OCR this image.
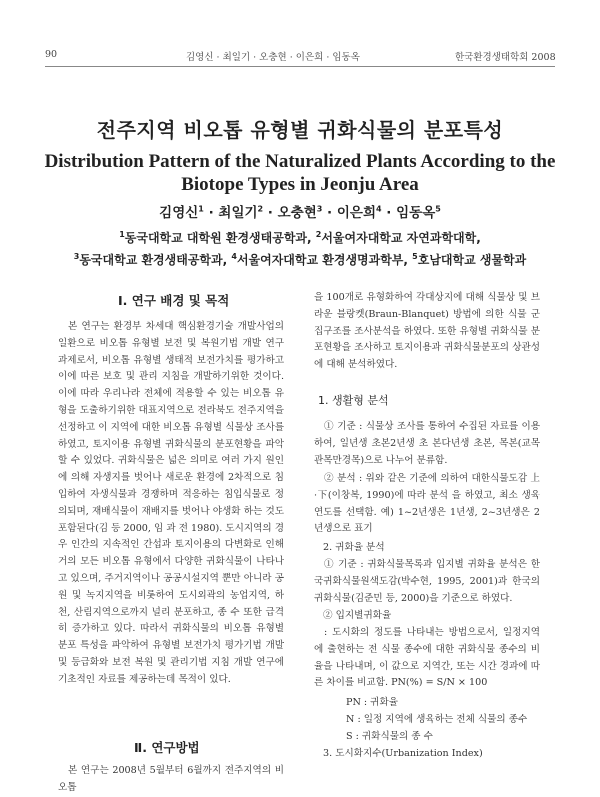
90	김영신 · 최일기 · 오충현 · 이은희 · 임동옥	한국환경생태학회 2008
전주지역 비오톱 유형별 귀화식물의 분포특성
Distribution Pattern of the Naturalized Plants According to the
Biotope Types in Jeonju Area
김영신$^1$ · 최일기$^2$ · 오충현$^3$ · 이은희$^4$ · 임동옥$^5$
$^1$동국대학교 대학원 환경생태공학과, $^2$서울여자대학교 자연과학대학,
$^3$동국대학교 환경생태공학과, $^4$서울여자대학교 환경생명과학부, $^5$호남대학교 생물학과
Ⅰ. 연구 배경 및 목적

본 연구는 환경부 차세대 핵심환경기술 개발사업의 일환으로 비오톱 유형별 보전 및 복원기법 개발 연구 과제로서, 비오톱 유형별 생태적 보전가치를 평가하고 이에 따른 보호 및 관리 지침을 개발하기위한 것이다. 이에 따라 우리나라 전체에 적용할 수 있는 비오톱 유형을 도출하기위한 대표지역으로 전라북도 전주지역을 선정하고 이 지역에 대한 비오톱 유형별 식물상 조사를 하였고, 토지이용 유형별 귀화식물의 분포현황을 파악할 수 있었다. 귀화식물은 넓은 의미로 여러 가지 원인에 의해 자생지를 벗어나 새로운 환경에 2차적으로 침입하여 자생식물과 경쟁하며 적응하는 침입식물로 정의되며, 재배식물이 재배지를 벗어나 야생화 하는 것도 포함된다(김 등 2000, 임 과 전 1980). 도시지역의 경우 인간의 지속적인 간섭과 토지이용의 다변화로 인해 거의 모든 비오톱 유형에서 다양한 귀화식물이 나타나고 있으며, 주거지역이나 공공시설지역 뿐만 아니라 공원 및 녹지지역을 비롯하여 도시외곽의 농업지역, 하천, 산림지역으로까지 널리 분포하고, 종 수 또한 급격히 증가하고 있다. 따라서 귀화식물의 비오톱 유형별 분포 특성을 파악하여 유형별 보전가치 평가기법 개발 및 등급화와 보전 복원 및 관리기법 지침 개발 연구에 기초적인 자료를 제공하는데 목적이 있다.

Ⅱ. 연구방법

본 연구는 2008년 5월부터 6월까지 전주지역의 비오톱

을 100개로 유형화하여 각대상지에 대해 식물상 및 브라운 블랑켓(Braun-Blanquet) 방법에 의한 식물 군집구조를 조사분석을 하였다. 또한 유형별 귀화식물 분포현황을 조사하고 토지이용과 귀화식물분포의 상관성에 대해 분석하였다.

1. 생활형 분석

① 기준 : 식물상 조사를 통하여 수집된 자료를 이용하여, 일년생 초본2년생 초 본다년생 초본, 목본(교목관목만경목)으로 나누어 분류함.

② 분석 : 위와 같은 기준에 의하여 대한식물도감 上·下(이창복, 1990)에 따라 분석 을 하였고, 최소 생육연도를 선택함. 예) 1~2년생은 1년생, 2~3년생은 2년생으로 표기

2. 귀화율 분석

① 기준 : 귀화식물목록과 입지별 귀화율 분석은 한국귀화식물원색도감(박수현, 1995, 2001)과 한국의 귀화식물(김준민 등, 2000)을 기준으로 하였다.

② 입지별귀화율

: 도시화의 정도를 나타내는 방법으로서, 일정지역에 출현하는 전 식물 종수에 대한 귀화식물 종수의 비율을 나타내며, 이 값으로 지역간, 또는 시간 경과에 따른 차이를 비교함. PN(%) = S/N × 100

PN : 귀화율
N : 일정 지역에 생육하는 전체 식물의 종수
S : 귀화식물의 종 수
3. 도시화지수(Urbanization Index)
